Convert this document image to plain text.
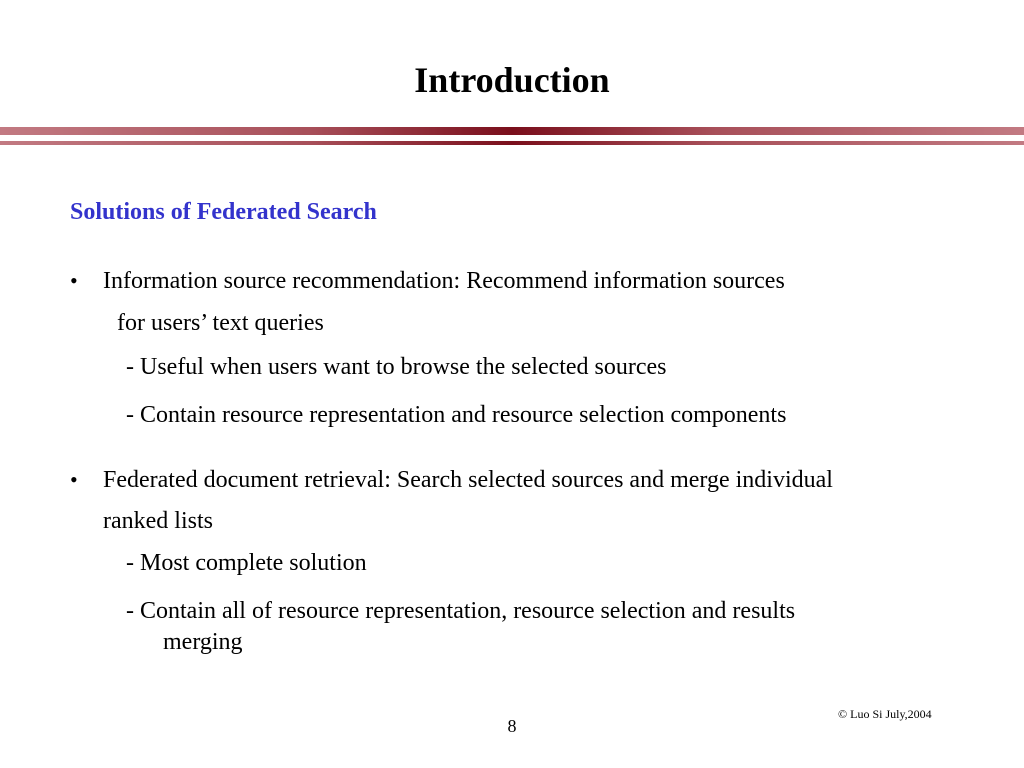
Introduction
Solutions of Federated Search
• Information source recommendation: Recommend information sources
for users’ text queries
- Useful when users want to browse the selected sources
- Contain resource representation and resource selection components
• Federated document retrieval: Search selected sources and merge individual
ranked lists
- Most complete solution
- Contain all of resource representation, resource selection and results
merging
© Luo Si July,2004
8
